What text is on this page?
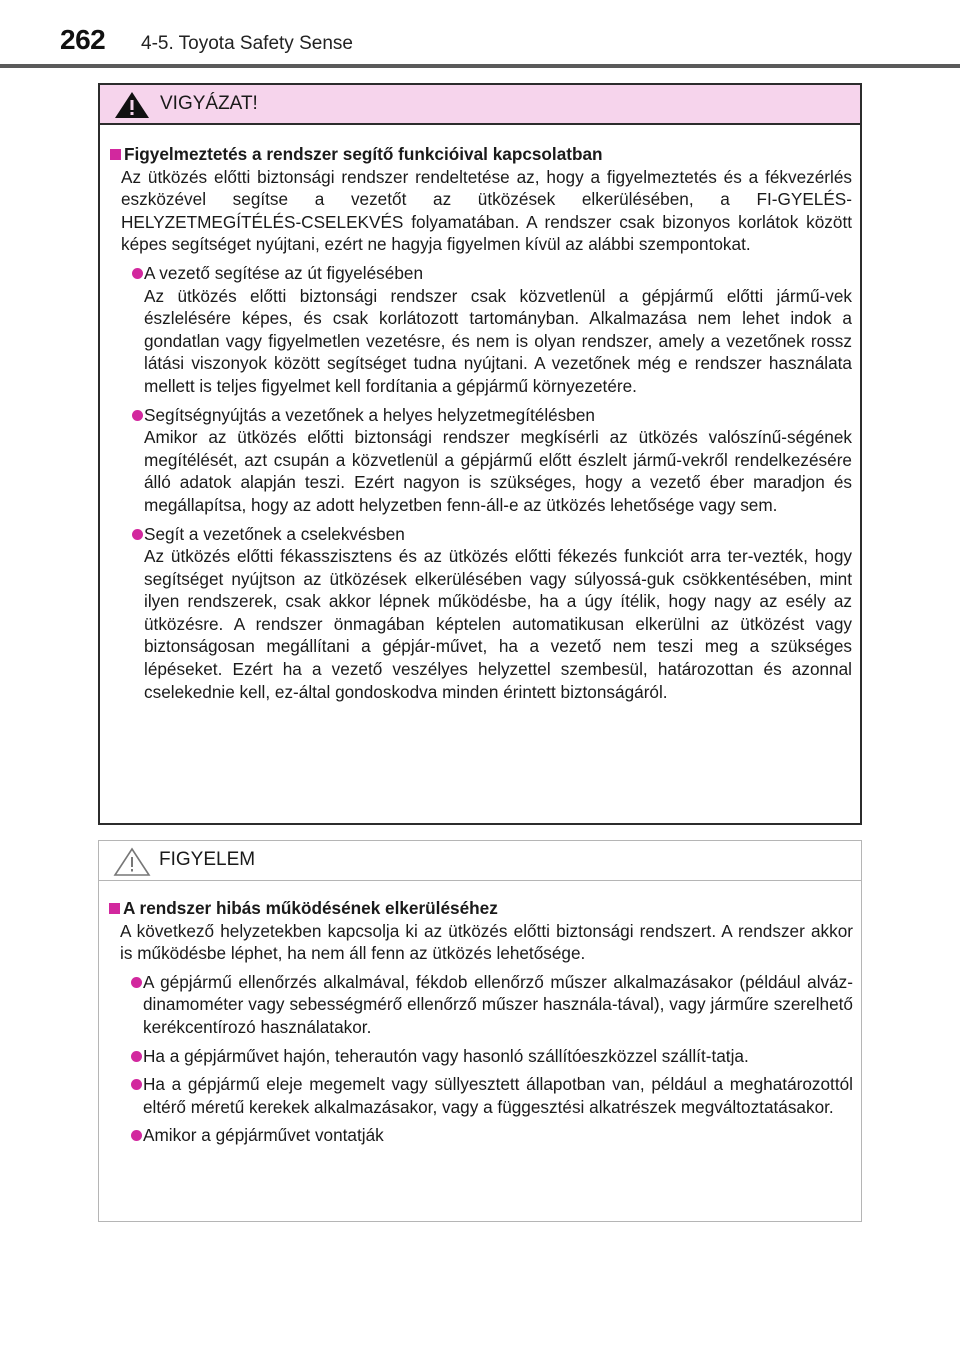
262 4-5. Toyota Safety Sense
VIGYÁZAT!

Figyelmeztetés a rendszer segítő funkcióival kapcsolatban

Az ütközés előtti biztonsági rendszer rendeltetése az, hogy a figyelmeztetés és a fékvezérlés eszközével segítse a vezetőt az ütközések elkerülésében, a FI-GYELÉS-HELYZETMEGÍTÉLÉS-CSELEKVÉS folyamatában. A rendszer csak bizonyos korlátok között képes segítséget nyújtani, ezért ne hagyja figyelmen kívül az alábbi szempontokat.

A vezető segítése az út figyelésében

Az ütközés előtti biztonsági rendszer csak közvetlenül a gépjármű előtti jármű-vek észlelésére képes, és csak korlátozott tartományban. Alkalmazása nem lehet indok a gondatlan vagy figyelmetlen vezetésre, és nem is olyan rendszer, amely a vezetőnek rossz látási viszonyok között segítséget tudna nyújtani. A vezetőnek még e rendszer használata mellett is teljes figyelmet kell fordítania a gépjármű környezetére.

Segítségnyújtás a vezetőnek a helyes helyzetmegítélésben

Amikor az ütközés előtti biztonsági rendszer megkísérli az ütközés valószínű-ségének megítélését, azt csupán a közvetlenül a gépjármű előtt észlelt jármű-vekről rendelkezésére álló adatok alapján teszi. Ezért nagyon is szükséges, hogy a vezető éber maradjon és megállapítsa, hogy az adott helyzetben fenn-áll-e az ütközés lehetősége vagy sem.

Segít a vezetőnek a cselekvésben

Az ütközés előtti fékasszisztens és az ütközés előtti fékezés funkciót arra ter-vezték, hogy segítséget nyújtson az ütközések elkerülésében vagy súlyossá-guk csökkentésében, mint ilyen rendszerek, csak akkor lépnek működésbe, ha a úgy ítélik, hogy nagy az esély az ütközésre. A rendszer önmagában képtelen automatikusan elkerülni az ütközést vagy biztonságosan megállítani a gépjár-művet, ha a vezető nem teszi meg a szükséges lépéseket. Ezért ha a vezető veszélyes helyzettel szembesül, határozottan és azonnal cselekednie kell, ez-által gondoskodva minden érintett biztonságáról.

FIGYELEM

A rendszer hibás működésének elkerüléséhez

A következő helyzetekben kapcsolja ki az ütközés előtti biztonsági rendszert. A rendszer akkor is működésbe léphet, ha nem áll fenn az ütközés lehetősége.

A gépjármű ellenőrzés alkalmával, fékdob ellenőrző műszer alkalmazásakor (például alváz-dinamométer vagy sebességmérő ellenőrző műszer használa-tával), vagy járműre szerelhető kerékcentírozó használatakor.

Ha a gépjárművet hajón, teherautón vagy hasonló szállítóeszközzel szállít-tatja.

Ha a gépjármű eleje megemelt vagy süllyesztett állapotban van, például a meghatározottól eltérő méretű kerekek alkalmazásakor, vagy a függesztési alkatrészek megváltoztatásakor.

Amikor a gépjárművet vontatják
